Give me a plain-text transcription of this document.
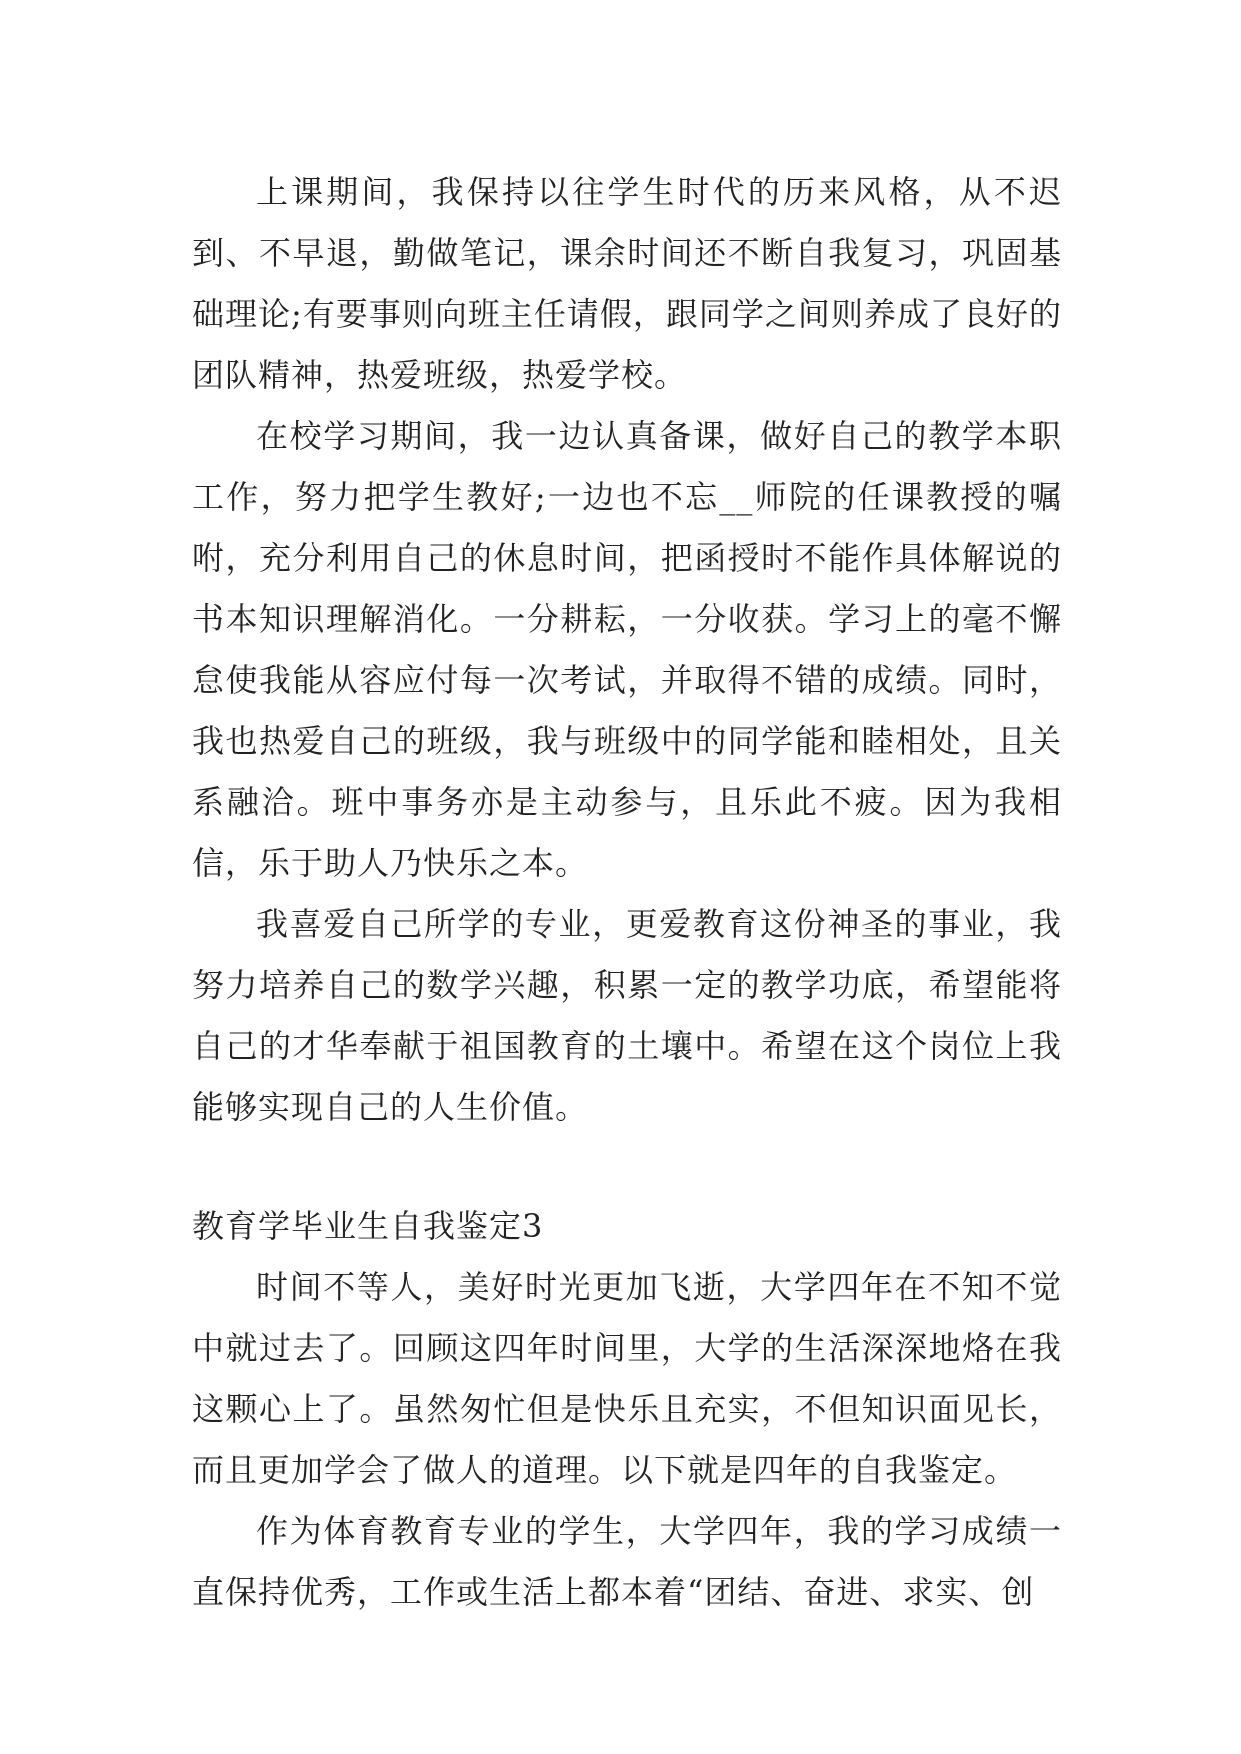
上课期间，我保持以往学生时代的历来风格，从不迟到、不早退，勤做笔记，课余时间还不断自我复习，巩固基础理论;有要事则向班主任请假，跟同学之间则养成了良好的团队精神，热爱班级，热爱学校。

在校学习期间，我一边认真备课，做好自己的教学本职工作，努力把学生教好;一边也不忘__师院的任课教授的嘱咐，充分利用自己的休息时间，把函授时不能作具体解说的书本知识理解消化。一分耕耘，一分收获。学习上的毫不懈怠使我能从容应付每一次考试，并取得不错的成绩。同时，我也热爱自己的班级，我与班级中的同学能和睦相处，且关系融洽。班中事务亦是主动参与，且乐此不疲。因为我相信，乐于助人乃快乐之本。

我喜爱自己所学的专业，更爱教育这份神圣的事业，我努力培养自己的数学兴趣，积累一定的教学功底，希望能将自己的才华奉献于祖国教育的土壤中。希望在这个岗位上我能够实现自己的人生价值。

教育学毕业生自我鉴定3

时间不等人，美好时光更加飞逝，大学四年在不知不觉中就过去了。回顾这四年时间里，大学的生活深深地烙在我这颗心上了。虽然匆忙但是快乐且充实，不但知识面见长，而且更加学会了做人的道理。以下就是四年的自我鉴定。

作为体育教育专业的学生，大学四年，我的学习成绩一直保持优秀，工作或生活上都本着“团结、奋进、求实、创
